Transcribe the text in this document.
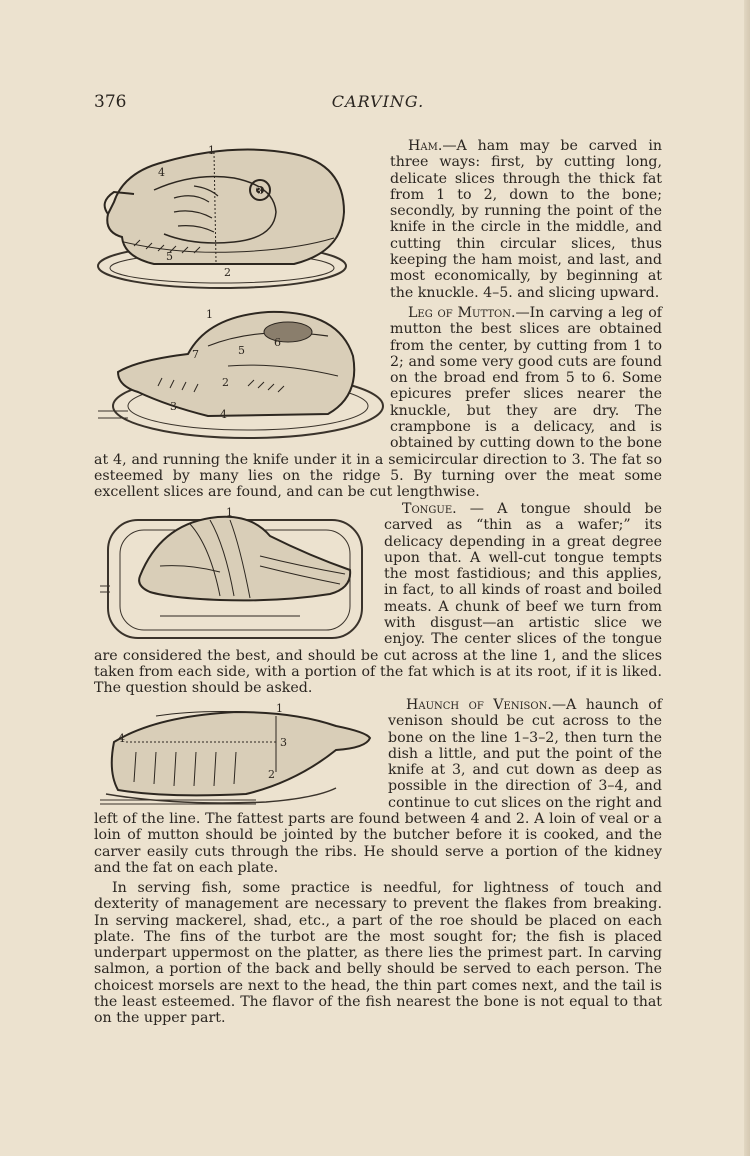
376	CARVING.
1
2
3
4
5

Ham.—A ham may be carved in three ways: first, by cutting long, delicate slices through the thick fat from 1 to 2, down to the bone; secondly, by running the point of the knife in the circle in the middle, and cutting thin circular slices, thus keeping the ham moist, and last, and most economically, by beginning at the knuckle. 4–5. and slicing upward.

1
2
3
4
5
6
7

Leg of Mutton.—In carving a leg of mutton the best slices are obtained from the center, by cutting from 1 to 2; and some very good cuts are found on the broad end from 5 to 6. Some epicures prefer slices nearer the knuckle, but they are dry. The crampbone is a delicacy, and is obtained by cutting down to the bone at 4, and running the knife under it in a semicircular direction to 3. The fat so esteemed by many lies on the ridge 5. By turning over the meat some excellent slices are found, and can be cut lengthwise.

1	Tongue. — A tongue should be carved as “thin as a wafer;” its delicacy depending in a great degree upon that. A well-cut tongue tempts the most fastidious; and this applies, in fact, to all kinds of roast and boiled meats. A chunk of beef we turn from with disgust—an artistic slice we enjoy. The center slices of the tongue are considered the best, and should be cut across at the line 1, and the slices taken from each side, with a portion of the fat which is at its root, if it is liked. The question should be asked.

1
2
3
4

Haunch of Venison.—A haunch of venison should be cut across to the bone on the line 1–3–2, then turn the dish a little, and put the point of the knife at 3, and cut down as deep as possible in the direction of 3–4, and continue to cut slices on the right and left of the line. The fattest parts are found between 4 and 2. A loin of veal or a loin of mutton should be jointed by the butcher before it is cooked, and the carver easily cuts through the ribs. He should serve a portion of the kidney and the fat on each plate.

In serving fish, some practice is needful, for lightness of touch and dexterity of management are necessary to prevent the flakes from breaking. In serving mackerel, shad, etc., a part of the roe should be placed on each plate. The fins of the turbot are the most sought for; the fish is placed underpart uppermost on the platter, as there lies the primest part. In carving salmon, a portion of the back and belly should be served to each person. The choicest morsels are next to the head, the thin part comes next, and the tail is the least esteemed. The flavor of the fish nearest the bone is not equal to that on the upper part.
